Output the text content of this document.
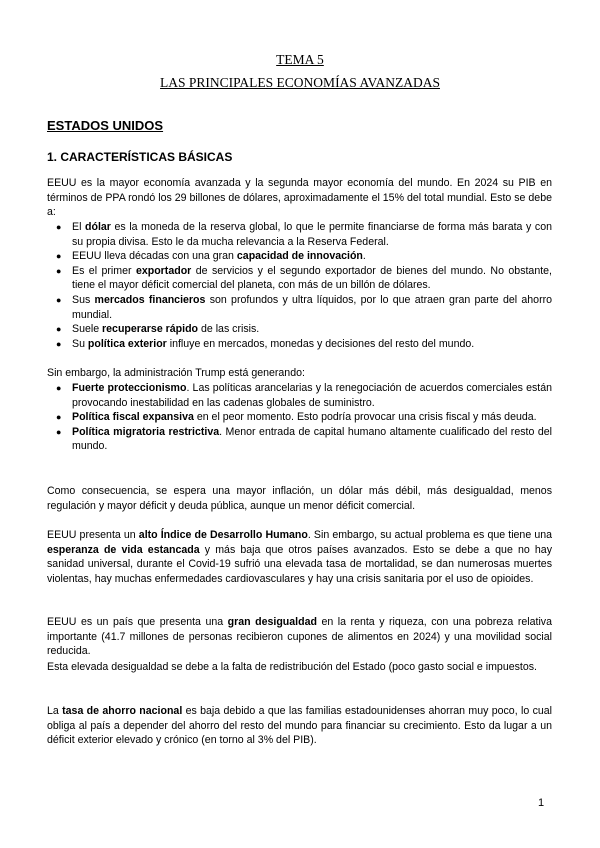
TEMA 5
LAS PRINCIPALES ECONOMÍAS AVANZADAS
ESTADOS UNIDOS
1. CARACTERÍSTICAS BÁSICAS
EEUU es la mayor economía avanzada y la segunda mayor economía del mundo. En 2024 su PIB en términos de PPA rondó los 29 billones de dólares, aproximadamente el 15% del total mundial. Esto se debe a:
● El dólar es la moneda de la reserva global, lo que le permite financiarse de forma más barata y con su propia divisa. Esto le da mucha relevancia a la Reserva Federal.
● EEUU lleva décadas con una gran capacidad de innovación.
● Es el primer exportador de servicios y el segundo exportador de bienes del mundo. No obstante, tiene el mayor déficit comercial del planeta, con más de un billón de dólares.
● Sus mercados financieros son profundos y ultra líquidos, por lo que atraen gran parte del ahorro mundial.
● Suele recuperarse rápido de las crisis.
● Su política exterior influye en mercados, monedas y decisiones del resto del mundo.
Sin embargo, la administración Trump está generando:
● Fuerte proteccionismo. Las políticas arancelarias y la renegociación de acuerdos comerciales están provocando inestabilidad en las cadenas globales de suministro.
● Política fiscal expansiva en el peor momento. Esto podría provocar una crisis fiscal y más deuda.
● Política migratoria restrictiva. Menor entrada de capital humano altamente cualificado del resto del mundo.
Como consecuencia, se espera una mayor inflación, un dólar más débil, más desigualdad, menos regulación y mayor déficit y deuda pública, aunque un menor déficit comercial.
EEUU presenta un alto Índice de Desarrollo Humano. Sin embargo, su actual problema es que tiene una esperanza de vida estancada y más baja que otros países avanzados. Esto se debe a que no hay sanidad universal, durante el Covid-19 sufrió una elevada tasa de mortalidad, se dan numerosas muertes violentas, hay muchas enfermedades cardiovasculares y hay una crisis sanitaria por el uso de opioides.
EEUU es un país que presenta una gran desigualdad en la renta y riqueza, con una pobreza relativa importante (41.7 millones de personas recibieron cupones de alimentos en 2024) y una movilidad social reducida.
Esta elevada desigualdad se debe a la falta de redistribución del Estado (poco gasto social e impuestos.
La tasa de ahorro nacional es baja debido a que las familias estadounidenses ahorran muy poco, lo cual obliga al país a depender del ahorro del resto del mundo para financiar su crecimiento. Esto da lugar a un déficit exterior elevado y crónico (en torno al 3% del PIB).
1
